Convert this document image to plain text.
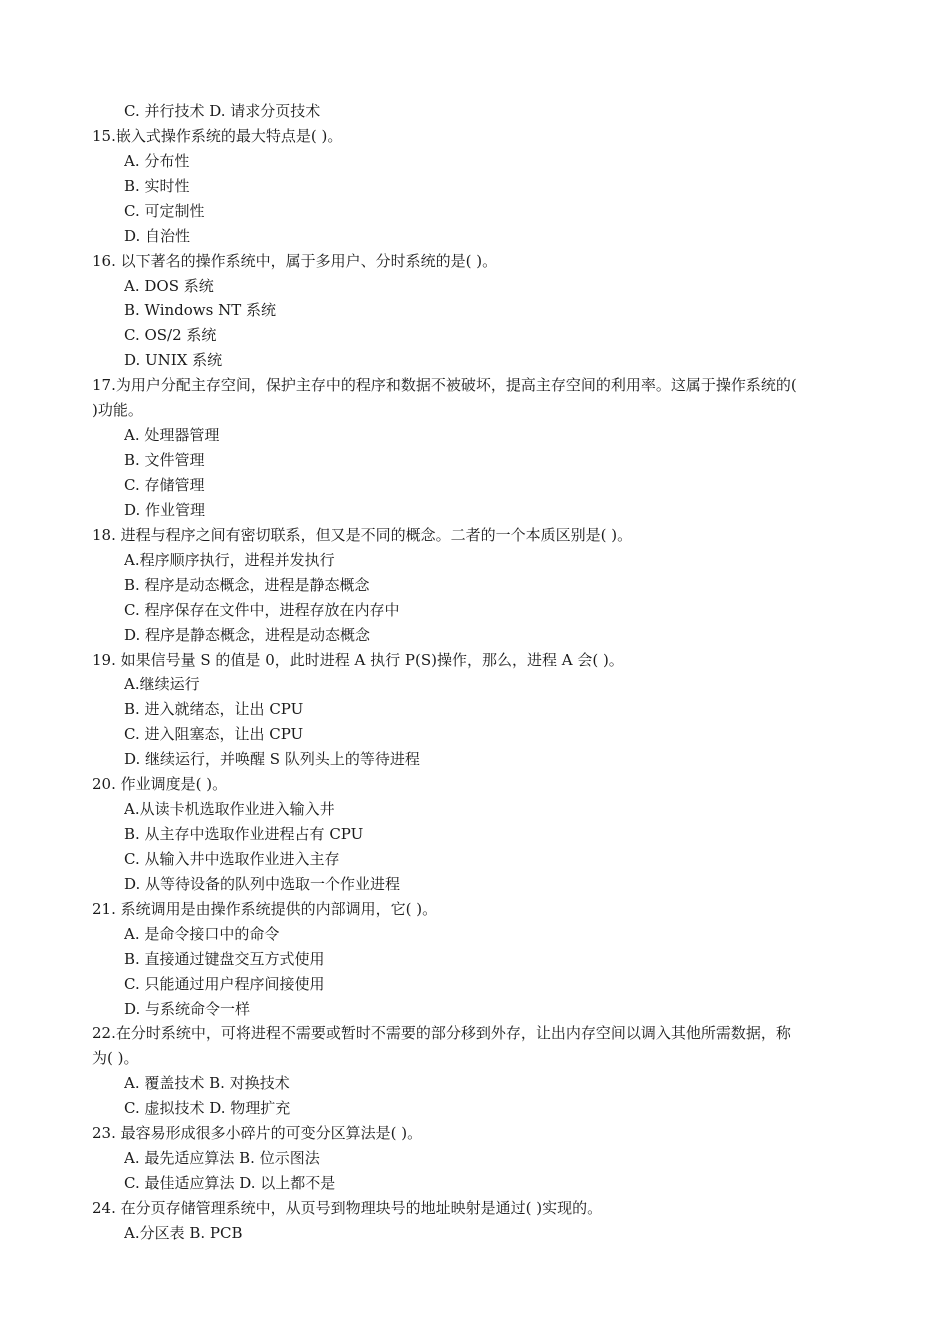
C. 并行技术 D. 请求分页技术
15.嵌入式操作系统的最大特点是( )。
A. 分布性
B. 实时性
C. 可定制性
D. 自治性
16. 以下著名的操作系统中，属于多用户、分时系统的是( )。
A. DOS 系统
B. Windows NT 系统
C. OS/2 系统
D. UNIX 系统
17.为用户分配主存空间，保护主存中的程序和数据不被破坏，提高主存空间的利用率。这属于操作系统的(
)功能。
A. 处理器管理
B. 文件管理
C. 存储管理
D. 作业管理
18. 进程与程序之间有密切联系，但又是不同的概念。二者的一个本质区别是( )。
A.程序顺序执行，进程并发执行
B. 程序是动态概念，进程是静态概念
C. 程序保存在文件中，进程存放在内存中
D. 程序是静态概念，进程是动态概念
19. 如果信号量 S 的值是 0，此时进程 A 执行 P(S)操作，那么，进程 A 会( )。
A.继续运行
B. 进入就绪态，让出 CPU
C. 进入阻塞态，让出 CPU
D. 继续运行，并唤醒 S 队列头上的等待进程
20. 作业调度是( )。
A.从读卡机选取作业进入输入井
B. 从主存中选取作业进程占有 CPU
C. 从输入井中选取作业进入主存
D. 从等待设备的队列中选取一个作业进程
21. 系统调用是由操作系统提供的内部调用，它( )。
A. 是命令接口中的命令
B. 直接通过键盘交互方式使用
C. 只能通过用户程序间接使用
D. 与系统命令一样
22.在分时系统中，可将进程不需要或暂时不需要的部分移到外存，让出内存空间以调入其他所需数据，称
为( )。
A. 覆盖技术 B. 对换技术
C. 虚拟技术 D. 物理扩充
23. 最容易形成很多小碎片的可变分区算法是( )。
A. 最先适应算法 B. 位示图法
C. 最佳适应算法 D. 以上都不是
24. 在分页存储管理系统中，从页号到物理块号的地址映射是通过( )实现的。
A.分区表 B. PCB
